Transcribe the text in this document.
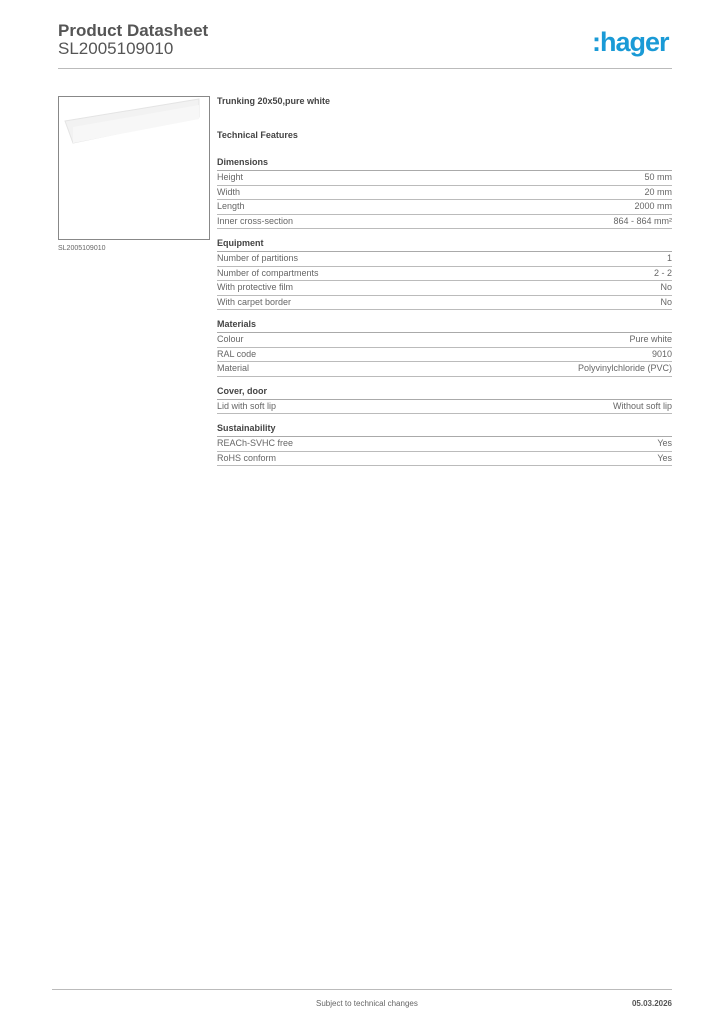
Product Datasheet
SL2005109010	:hager
SL2005109010
Trunking 20x50,pure white
Technical Features
Dimensions
Height	50 mm
Width	20 mm
Length	2000 mm
Inner cross-section	864 - 864 mm²
Equipment
Number of partitions	1
Number of compartments	2 - 2
With protective film	No
With carpet border	No
Materials
Colour	Pure white
RAL code	9010
Material	Polyvinylchloride (PVC)
Cover, door
Lid with soft lip	Without soft lip
Sustainability
REACh-SVHC free	Yes
RoHS conform	Yes
Subject to technical changes	05.03.2026
